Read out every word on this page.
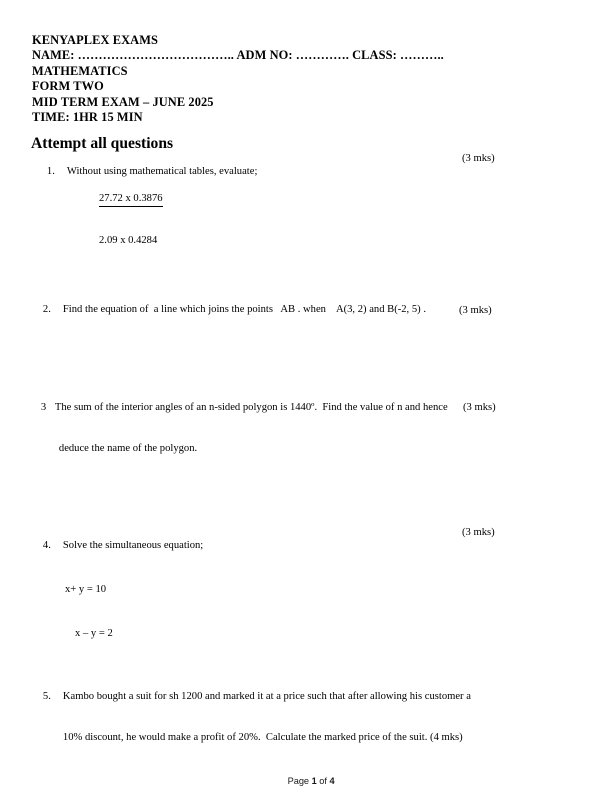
KENYAPLEX EXAMS
NAME: ……………………………….. ADM NO: …………. CLASS: ………..
MATHEMATICS
FORM TWO
MID TERM EXAM – JUNE 2025
TIME: 1HR 15 MIN
Attempt all questions

1. Without using mathematical tables, evaluate;

(3 mks)

$\frac{27.72 x 0.3876}{2.09 x 0.4284}$

2. Find the equation of  a line which joins the points   AB . when    A(3, 2) and B(-2, 5) .
	(3 mks)

3 The sum of the interior angles of an n-sided polygon is 1440º.  Find the value of n and hence

deduce the name of the polygon.

(3 mks)

4. Solve the simultaneous equation;

(3 mks)

x+ y = 10

x – y = 2

5. Kambo bought a suit for sh 1200 and marked it at a price such that after allowing his customer a

10% discount, he would make a profit of 20%.  Calculate the marked price of the suit. (4 mks)

Page 1 of 4
